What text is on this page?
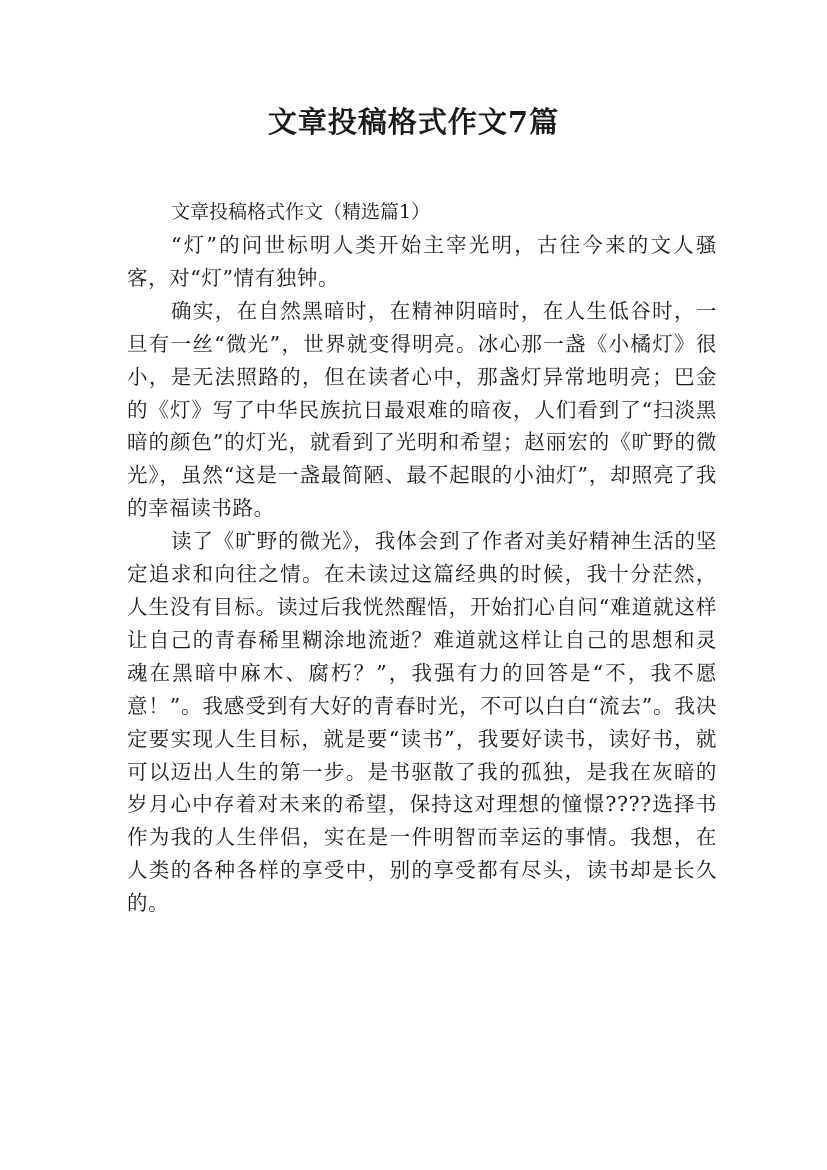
文章投稿格式作文7篇

文章投稿格式作文（精选篇1）

“灯”的问世标明人类开始主宰光明，古往今来的文人骚客，对“灯”情有独钟。

确实，在自然黑暗时，在精神阴暗时，在人生低谷时，一旦有一丝“微光”，世界就变得明亮。冰心那一盏《小橘灯》很小，是无法照路的，但在读者心中，那盏灯异常地明亮；巴金的《灯》写了中华民族抗日最艰难的暗夜，人们看到了“扫淡黑暗的颜色”的灯光，就看到了光明和希望；赵丽宏的《旷野的微光》，虽然“这是一盏最简陋、最不起眼的小油灯”，却照亮了我的幸福读书路。

读了《旷野的微光》，我体会到了作者对美好精神生活的坚定追求和向往之情。在未读过这篇经典的时候，我十分茫然，人生没有目标。读过后我恍然醒悟，开始扪心自问“难道就这样让自己的青春稀里糊涂地流逝？难道就这样让自己的思想和灵魂在黑暗中麻木、腐朽？”，我强有力的回答是“不，我不愿意！”。我感受到有大好的青春时光，不可以白白“流去”。我决定要实现人生目标，就是要“读书”，我要好读书，读好书，就可以迈出人生的第一步。是书驱散了我的孤独，是我在灰暗的岁月心中存着对未来的希望，保持这对理想的憧憬????选择书作为我的人生伴侣，实在是一件明智而幸运的事情。我想，在人类的各种各样的享受中，别的享受都有尽头，读书却是长久的。
